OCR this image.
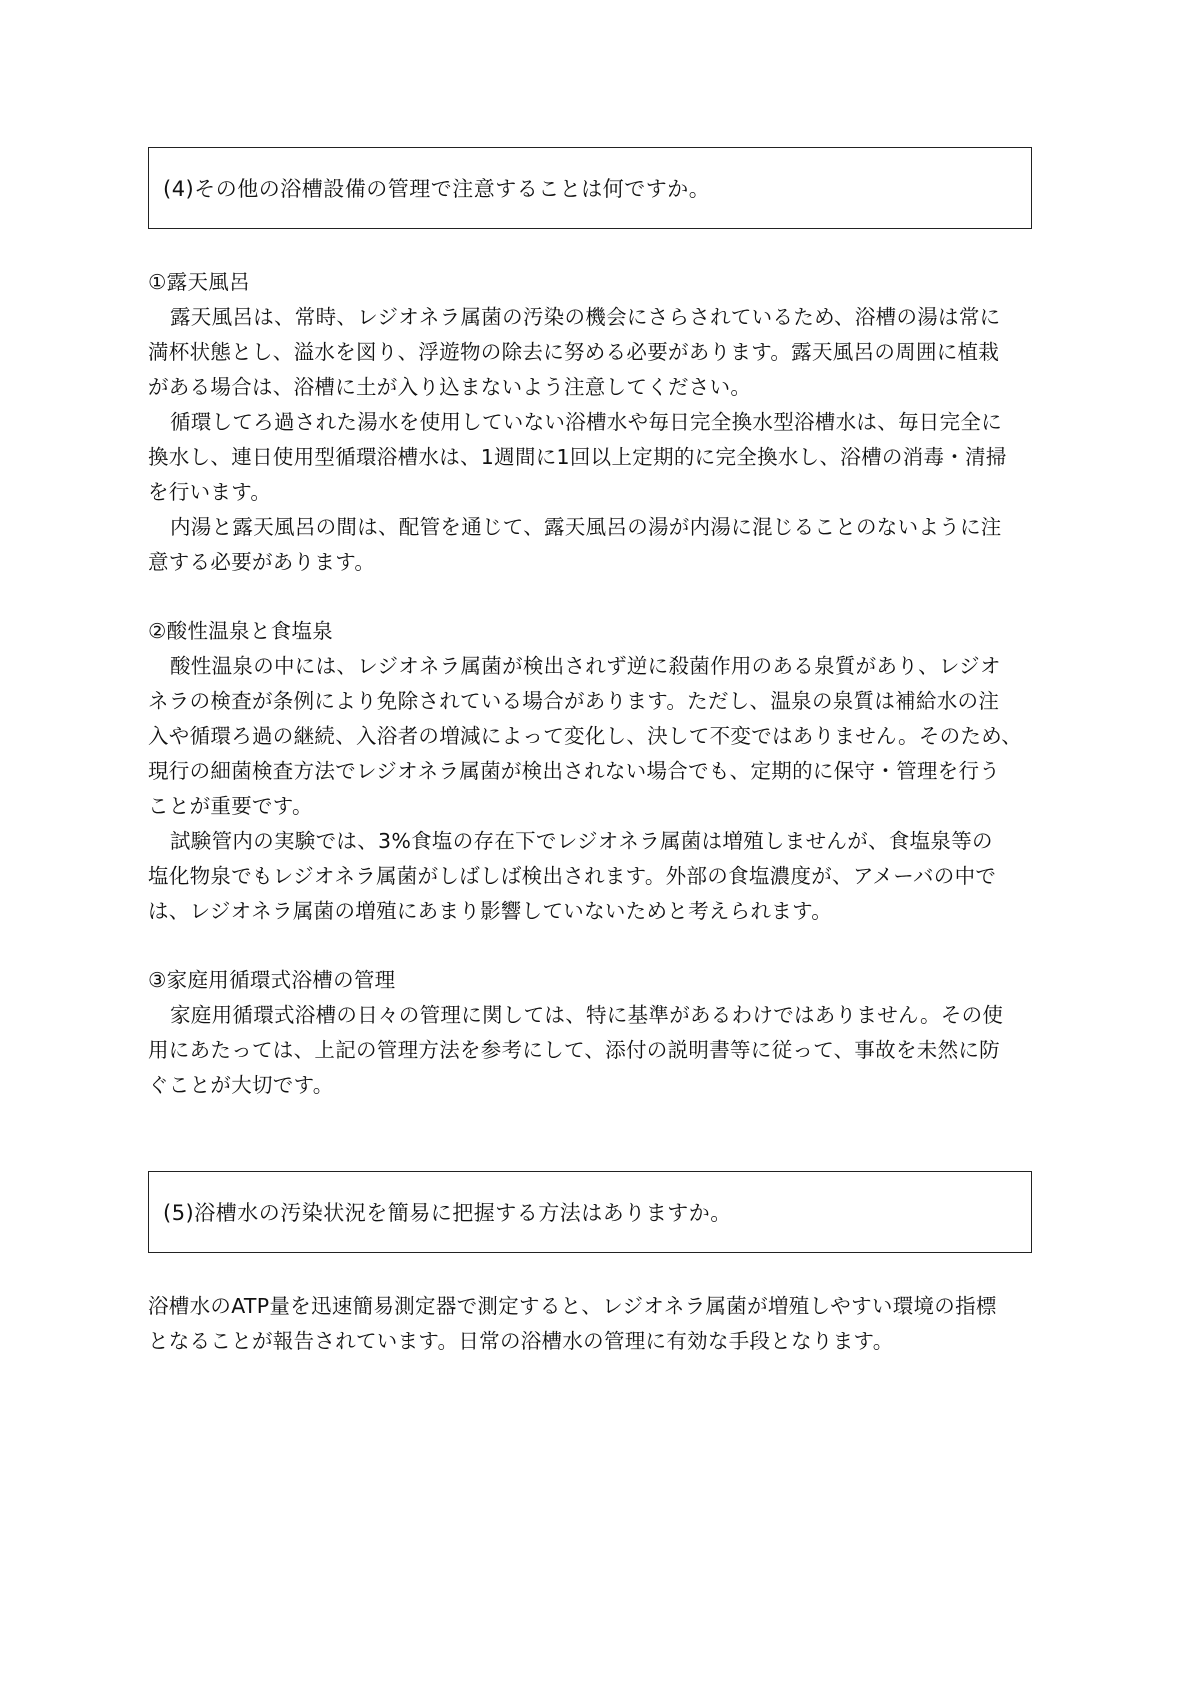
(4)その他の浴槽設備の管理で注意することは何ですか。
①露天風呂
露天風呂は、常時、レジオネラ属菌の汚染の機会にさらされているため、浴槽の湯は常に
満杯状態とし、溢水を図り、浮遊物の除去に努める必要があります。露天風呂の周囲に植栽
がある場合は、浴槽に土が入り込まないよう注意してください。
循環してろ過された湯水を使用していない浴槽水や毎日完全換水型浴槽水は、毎日完全に
換水し、連日使用型循環浴槽水は、1週間に1回以上定期的に完全換水し、浴槽の消毒・清掃
を行います。
内湯と露天風呂の間は、配管を通じて、露天風呂の湯が内湯に混じることのないように注
意する必要があります。
②酸性温泉と食塩泉
酸性温泉の中には、レジオネラ属菌が検出されず逆に殺菌作用のある泉質があり、レジオ
ネラの検査が条例により免除されている場合があります。ただし、温泉の泉質は補給水の注
入や循環ろ過の継続、入浴者の増減によって変化し、決して不変ではありません。そのため、
現行の細菌検査方法でレジオネラ属菌が検出されない場合でも、定期的に保守・管理を行う
ことが重要です。
試験管内の実験では、3%食塩の存在下でレジオネラ属菌は増殖しませんが、食塩泉等の
塩化物泉でもレジオネラ属菌がしばしば検出されます。外部の食塩濃度が、アメーバの中で
は、レジオネラ属菌の増殖にあまり影響していないためと考えられます。
③家庭用循環式浴槽の管理
家庭用循環式浴槽の日々の管理に関しては、特に基準があるわけではありません。その使
用にあたっては、上記の管理方法を参考にして、添付の説明書等に従って、事故を未然に防
ぐことが大切です。
(5)浴槽水の汚染状況を簡易に把握する方法はありますか。
浴槽水のATP量を迅速簡易測定器で測定すると、レジオネラ属菌が増殖しやすい環境の指標
となることが報告されています。日常の浴槽水の管理に有効な手段となります。
